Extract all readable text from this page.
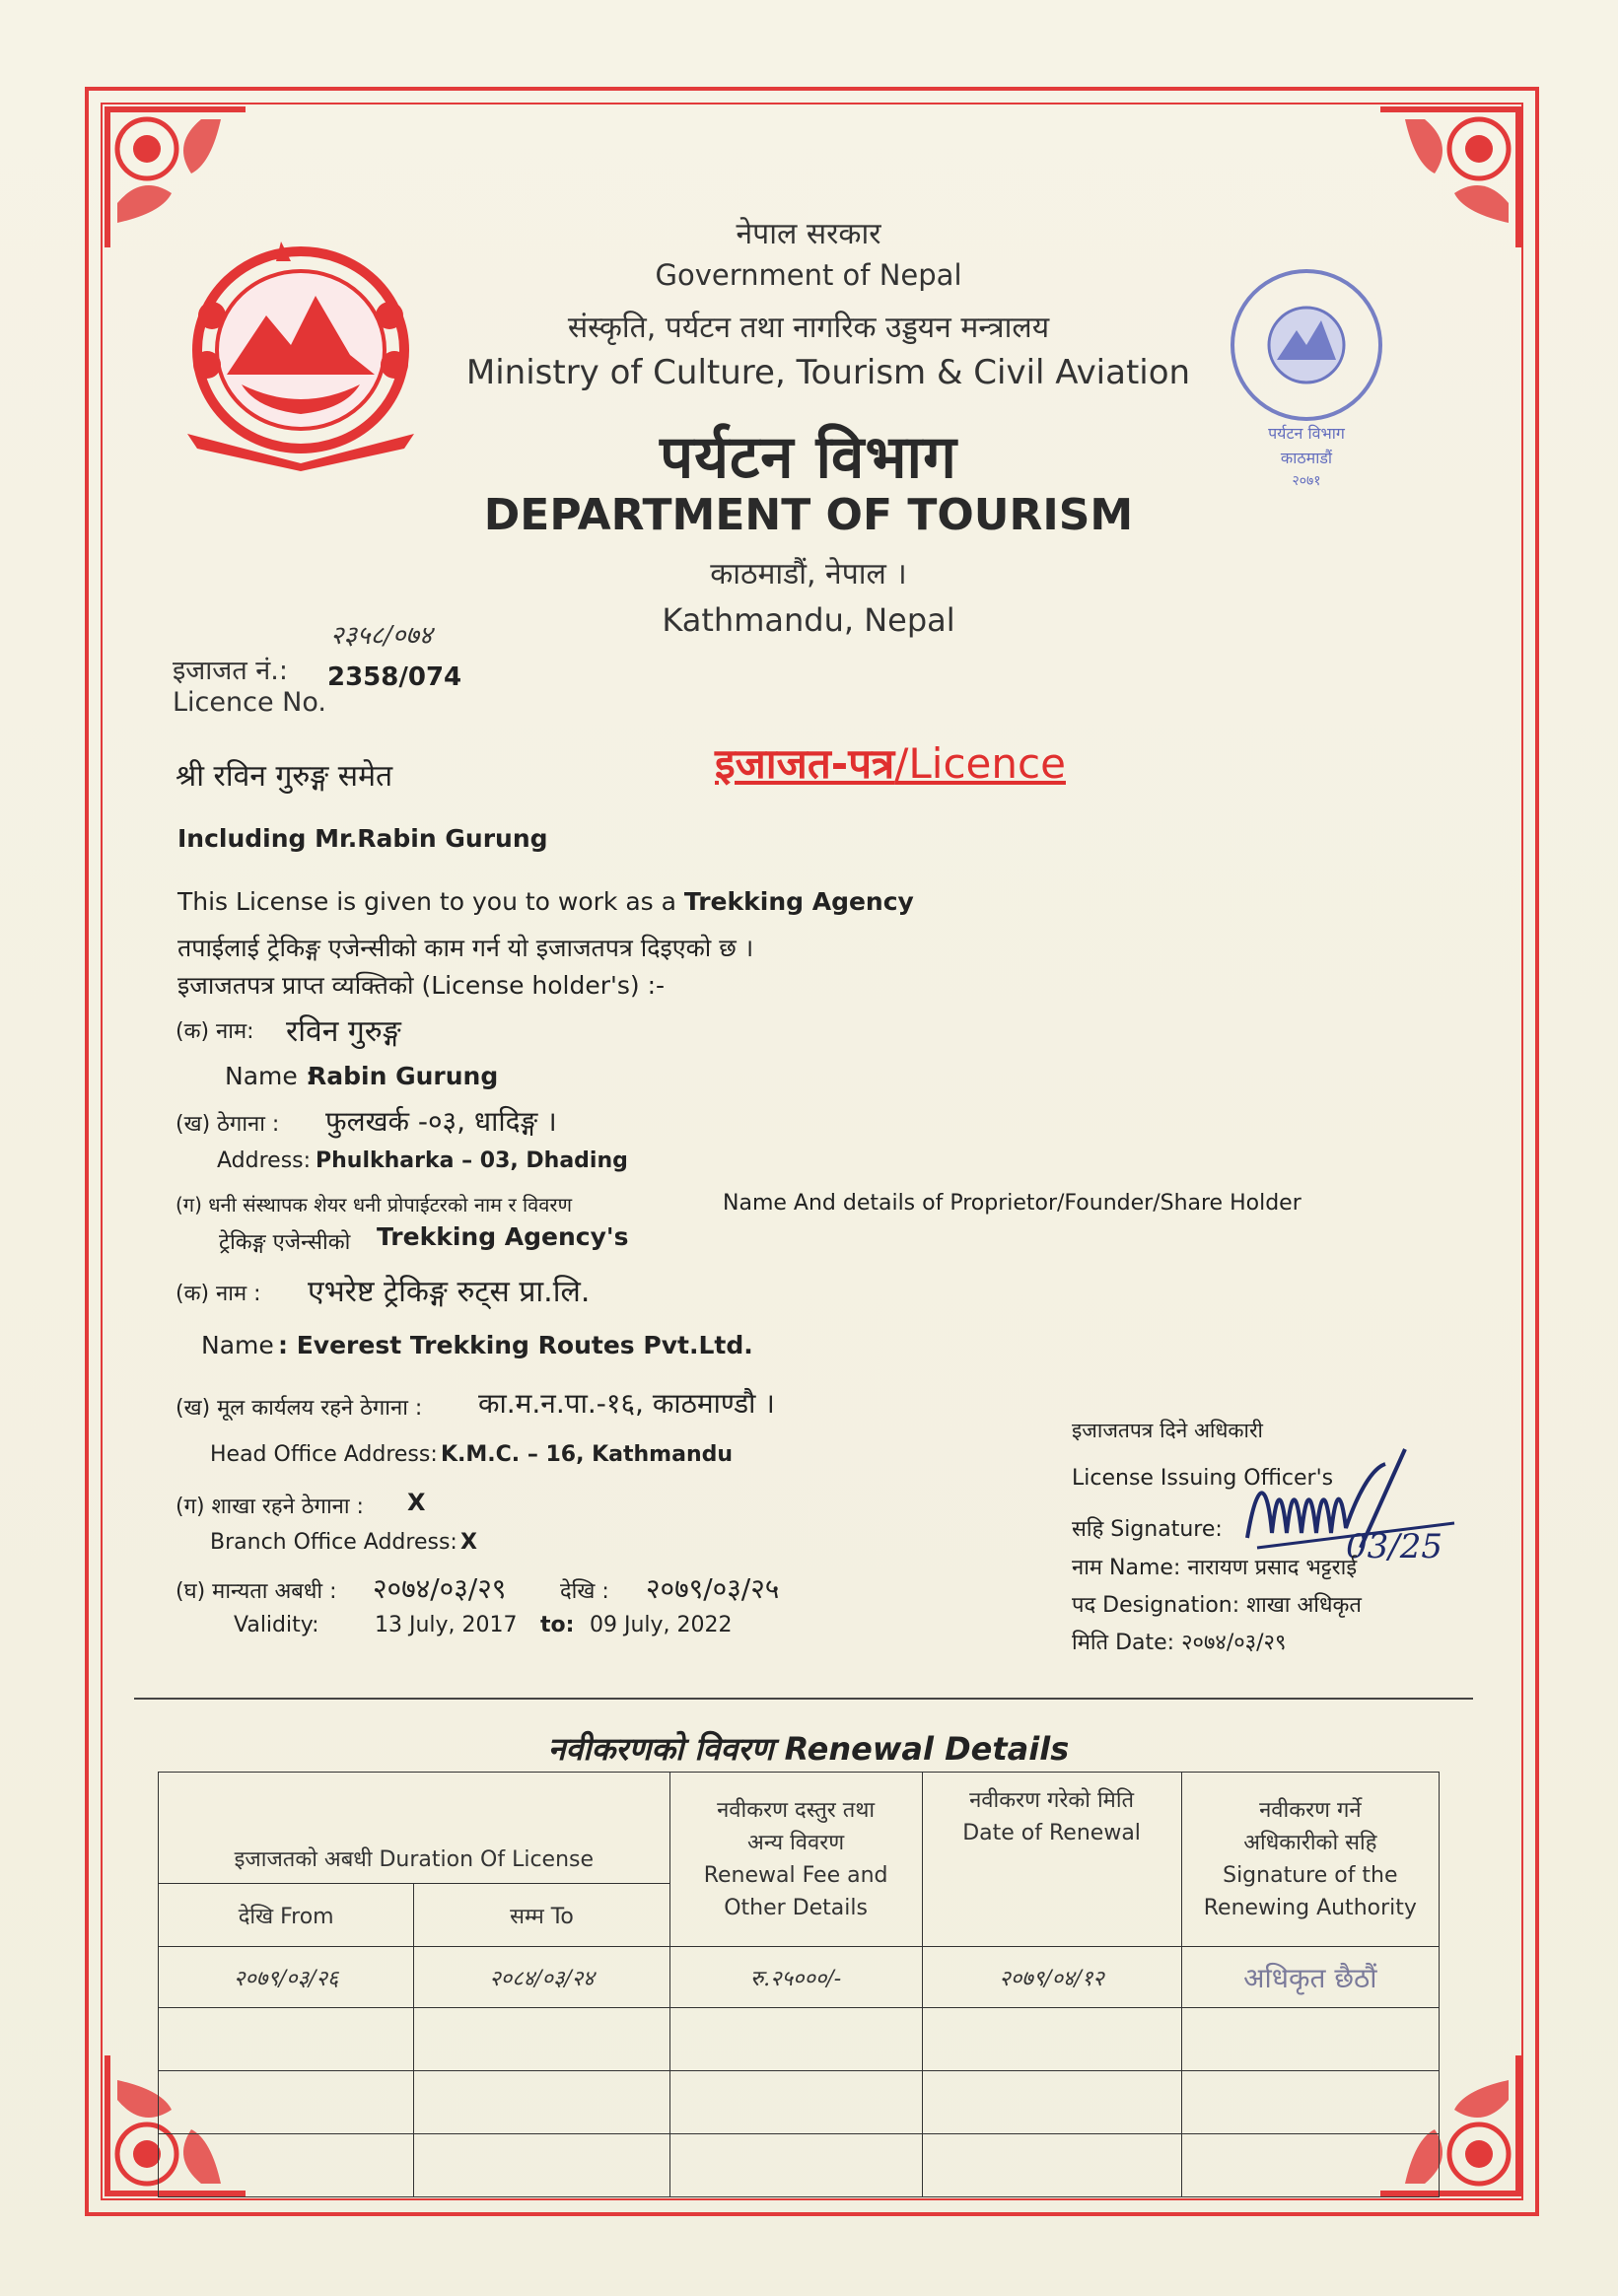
नेपाल सरकार
Government of Nepal
संस्कृति, पर्यटन तथा नागरिक उड्डयन मन्त्रालय
Ministry of Culture, Tourism & Civil Aviation
पर्यटन विभाग
DEPARTMENT OF TOURISM
काठमाडौं, नेपाल ।
Kathmandu, Nepal
पर्यटन विभाग
काठमाडौं
२०७१
२३५८/०७४
इजाजत नं.: 2358/074
Licence No.
इजाजत-पत्र/Licence
श्री रविन गुरुङ्ग समेत
Including Mr.Rabin Gurung
This License is given to you to work as a Trekking Agency
तपाईलाई ट्रेकिङ्ग एजेन्सीको काम गर्न यो इजाजतपत्र दिइएको छ ।
इजाजतपत्र प्राप्त व्यक्तिको (License holder's) :-
(क) नाम: रविन गुरुङ्ग
Name :
Rabin Gurung
(ख) ठेगाना : फुलखर्क -०३, धादिङ्ग ।
Address: Phulkharka – 03, Dhading
(ग) धनी संस्थापक शेयर धनी प्रोपाईटरको नाम र विवरण	Name And details of Proprietor/Founder/Share Holder
ट्रेकिङ्ग एजेन्सीको Trekking Agency's
(क) नाम : एभरेष्ट ट्रेकिङ्ग रुट्स प्रा.लि.
Name : Everest Trekking Routes Pvt.Ltd.
(ख) मूल कार्यलय रहने ठेगाना : का.म.न.पा.-१६, काठमाण्डौ ।
Head Office Address: K.M.C. – 16, Kathmandu
(ग) शाखा रहने ठेगाना : X
Branch Office Address: X
(घ) मान्यता अबधी : २०७४/०३/२९ देखि : २०७९/०३/२५
Validity:	13 July, 2017 to: 09 July, 2022
इजाजतपत्र दिने अधिकारी
License Issuing Officer's
सहि Signature:	03/25
नाम Name: नारायण प्रसाद भट्टराई
पद Designation: शाखा अधिकृत
मिति Date: २०७४/०३/२९
नवीकरणको विवरण Renewal Details
इजाजतको अबधी Duration Of License		नवीकरण दस्तुर तथा
अन्य विवरण
Renewal Fee and
Other Details	नवीकरण गरेको मिति
Date of Renewal	नवीकरण गर्ने
अधिकारीको सहि
Signature of the
Renewing Authority
देखि From	सम्म To			
२०७९/०३/२६	२०८४/०३/२४	रु.२५०००/-	२०७९/०४/१२	अधिकृत छैठौं
